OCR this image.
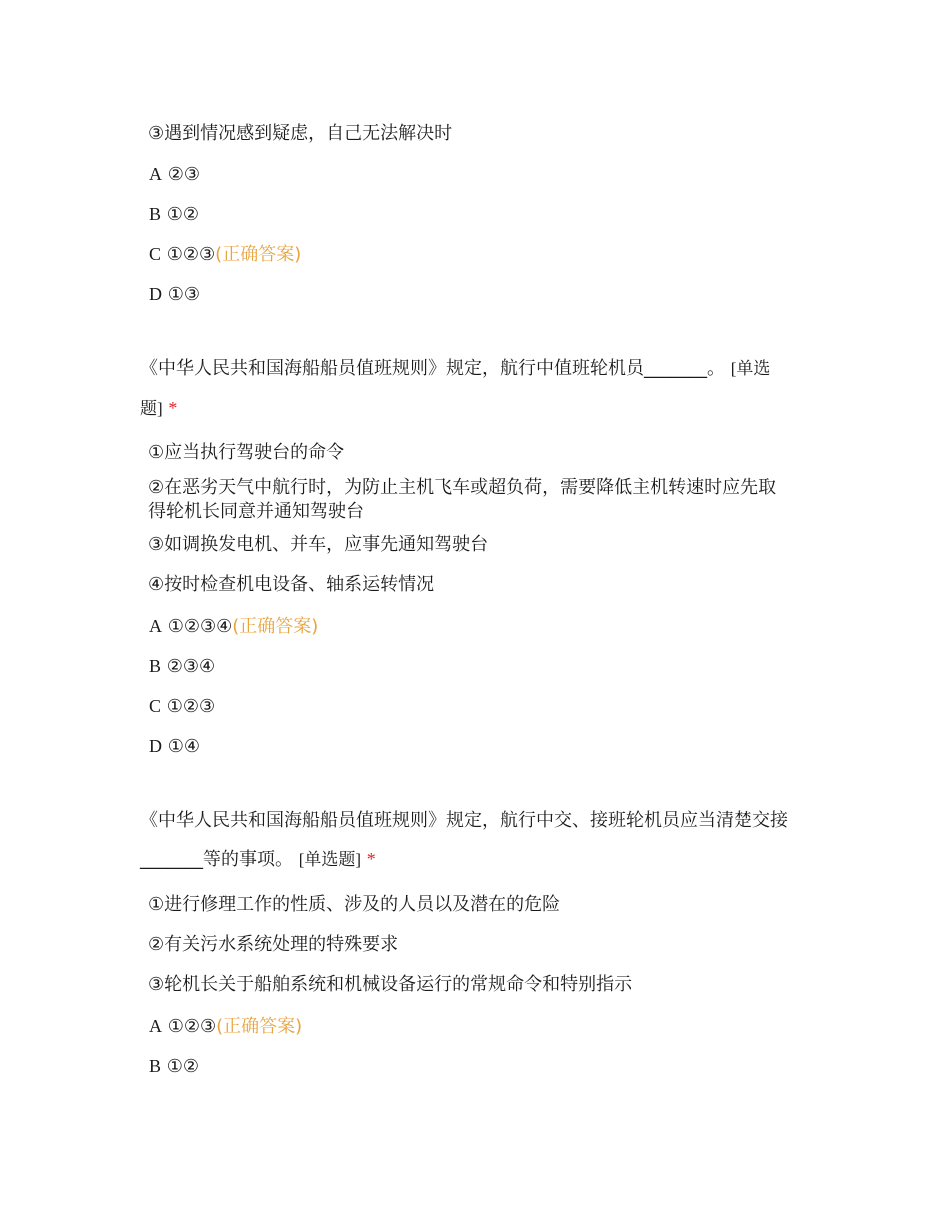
③遇到情况感到疑虑，自己无法解决时
A ②③
B ①②
C ①②③(正确答案)
D ①③
《中华人民共和国海船船员值班规则》规定，航行中值班轮机员_______。 [单选
题] *
①应当执行驾驶台的命令
②在恶劣天气中航行时，为防止主机飞车或超负荷，需要降低主机转速时应先取
得轮机长同意并通知驾驶台
③如调换发电机、并车，应事先通知驾驶台
④按时检查机电设备、轴系运转情况
A ①②③④(正确答案)
B ②③④
C ①②③
D ①④
《中华人民共和国海船船员值班规则》规定，航行中交、接班轮机员应当清楚交接
_______等的事项。 [单选题] *
①进行修理工作的性质、涉及的人员以及潜在的危险
②有关污水系统处理的特殊要求
③轮机长关于船舶系统和机械设备运行的常规命令和特别指示
A ①②③(正确答案)
B ①②
